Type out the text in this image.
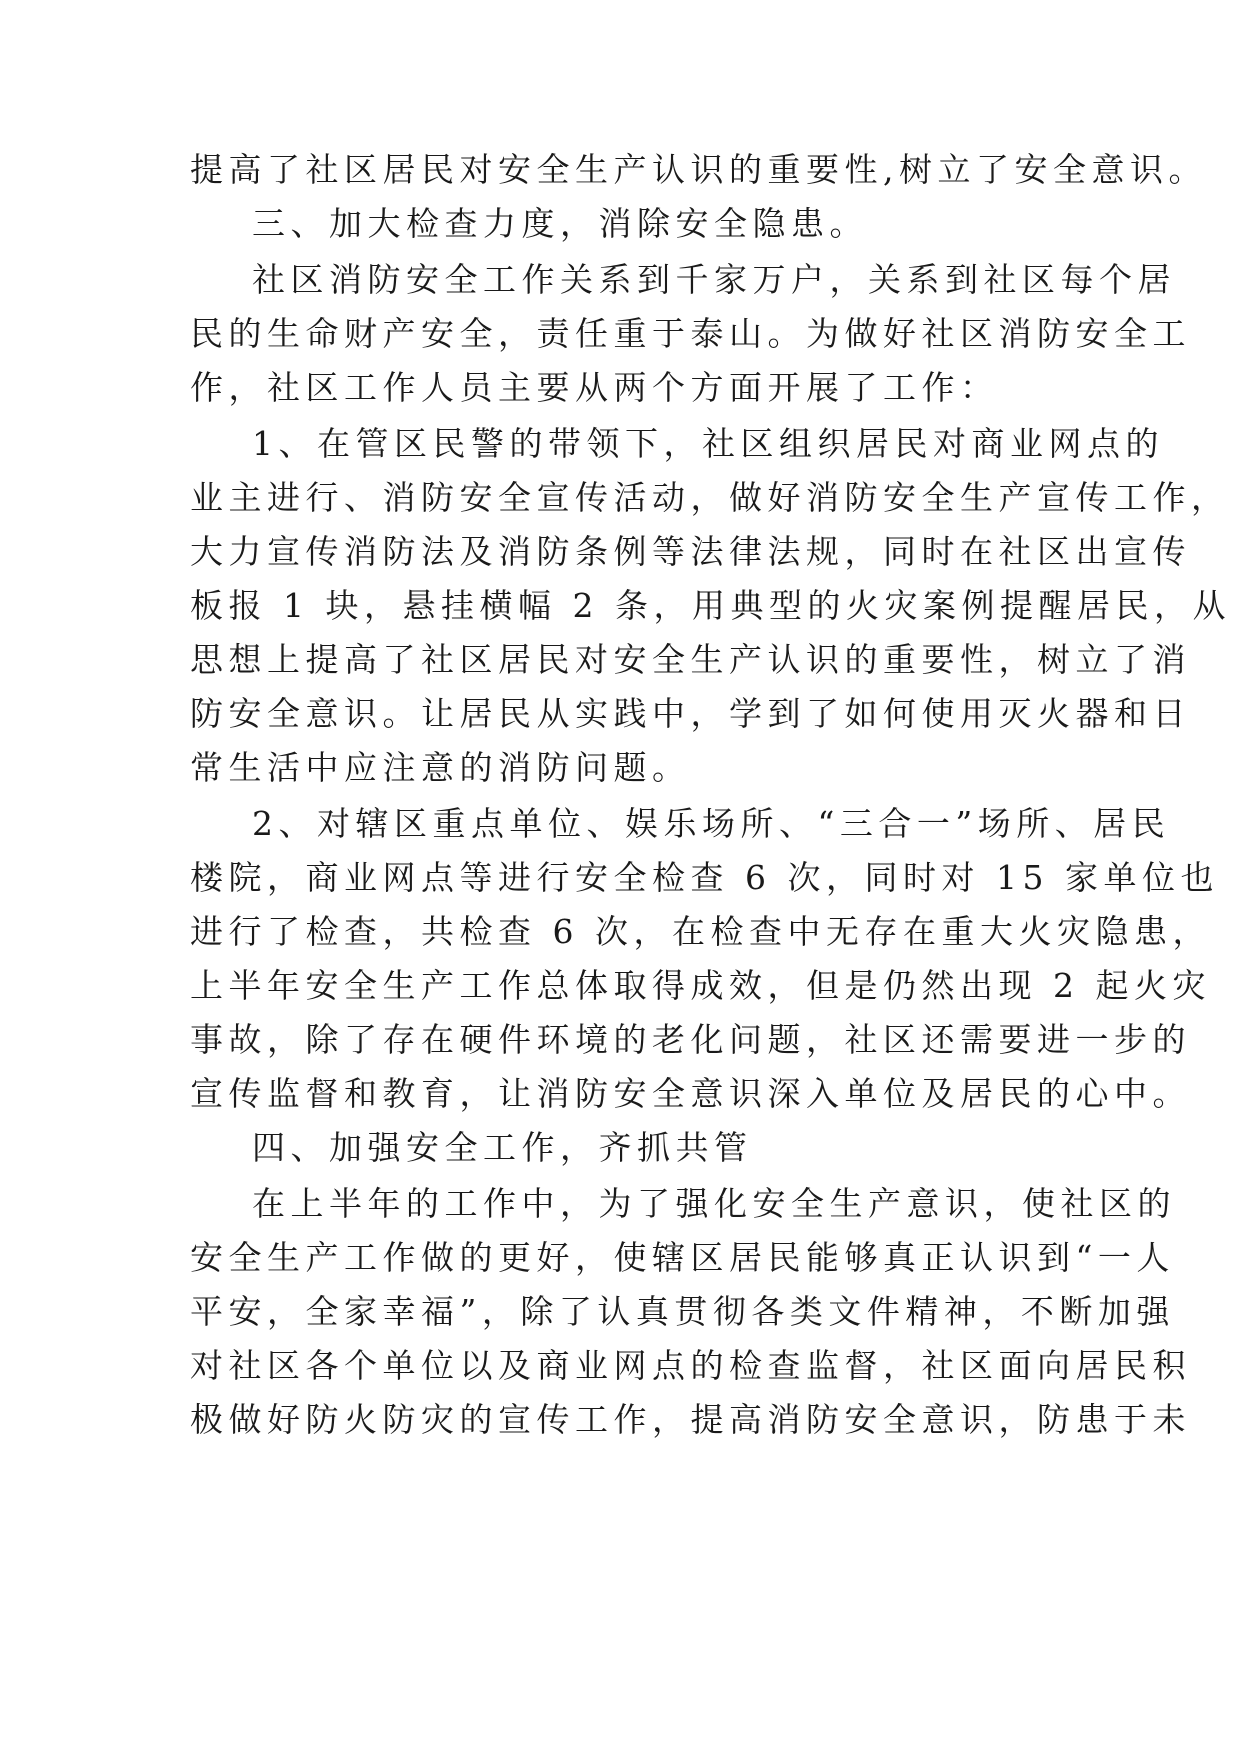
提高了社区居民对安全生产认识的重要性,树立了安全意识。
三、加大检查力度，消除安全隐患。
社区消防安全工作关系到千家万户，关系到社区每个居
民的生命财产安全，责任重于泰山。为做好社区消防安全工
作，社区工作人员主要从两个方面开展了工作：
1、在管区民警的带领下，社区组织居民对商业网点的
业主进行、消防安全宣传活动，做好消防安全生产宣传工作，
大力宣传消防法及消防条例等法律法规，同时在社区出宣传
板报 1 块，悬挂横幅 2 条，用典型的火灾案例提醒居民，从
思想上提高了社区居民对安全生产认识的重要性，树立了消
防安全意识。让居民从实践中，学到了如何使用灭火器和日
常生活中应注意的消防问题。
2、对辖区重点单位、娱乐场所、“三合一”场所、居民
楼院，商业网点等进行安全检查 6 次，同时对 15 家单位也
进行了检查，共检查 6 次，在检查中无存在重大火灾隐患，
上半年安全生产工作总体取得成效，但是仍然出现 2 起火灾
事故，除了存在硬件环境的老化问题，社区还需要进一步的
宣传监督和教育，让消防安全意识深入单位及居民的心中。
四、加强安全工作，齐抓共管
在上半年的工作中，为了强化安全生产意识，使社区的
安全生产工作做的更好，使辖区居民能够真正认识到“一人
平安，全家幸福”，除了认真贯彻各类文件精神，不断加强
对社区各个单位以及商业网点的检查监督，社区面向居民积
极做好防火防灾的宣传工作，提高消防安全意识，防患于未
